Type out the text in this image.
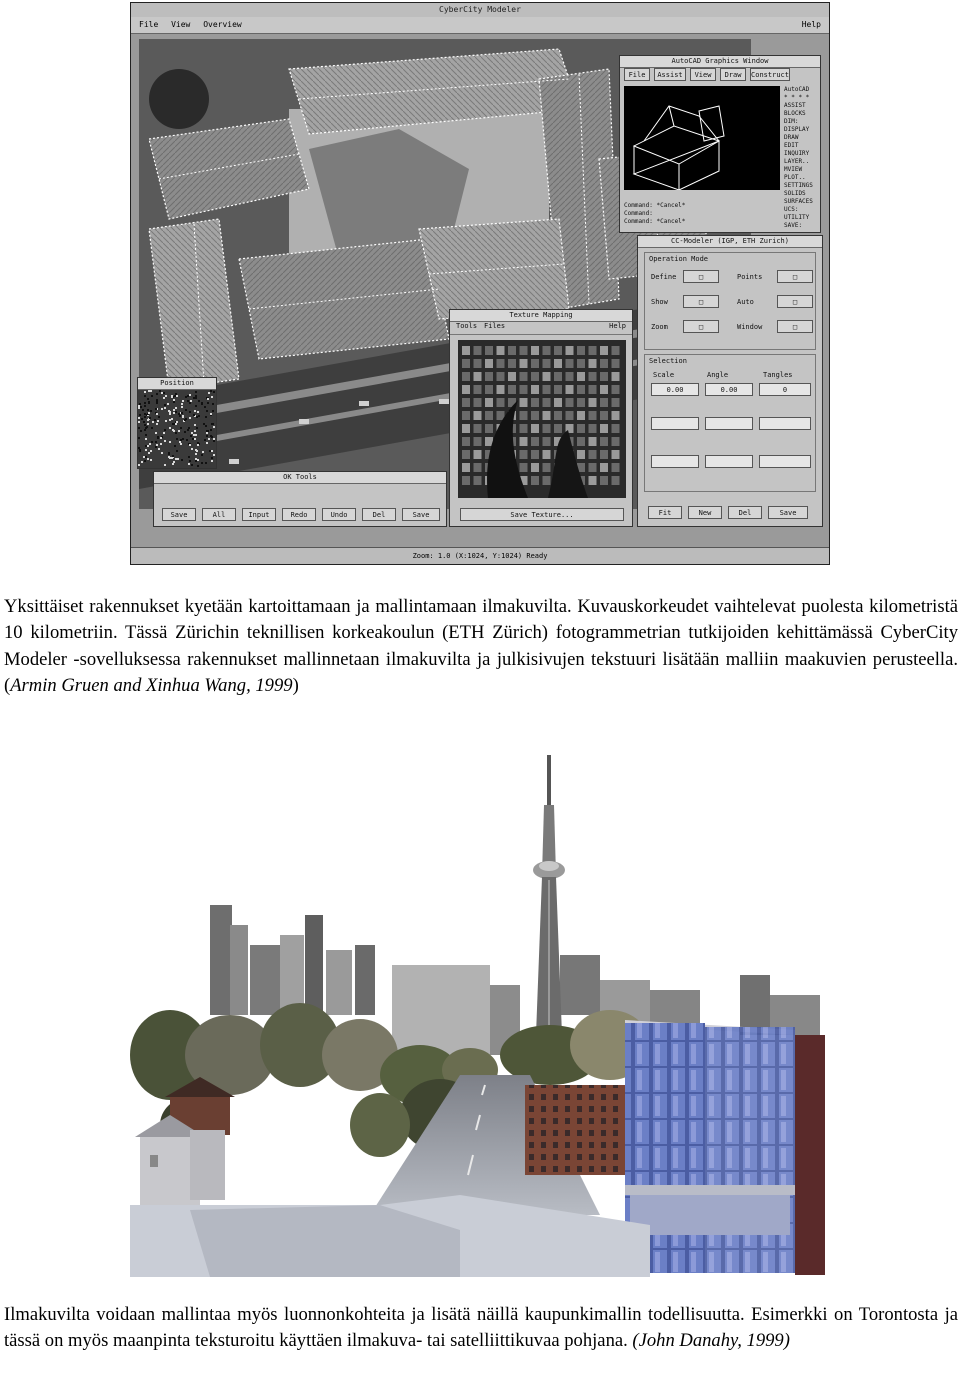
CyberCity Modeler
File View Overview	Help
AutoCAD Graphics Window
File	Assist	View	Draw	Construct
AutoCAD
* * * *
ASSIST
BLOCKS
DIM:
DISPLAY
DRAW
EDIT
INQUIRY
LAYER..
MVIEW
PLOT..
SETTINGS
SOLIDS
SURFACES
UCS:
UTILITY
SAVE:
Command: *Cancel*
Command:
Command: *Cancel*
CC-Modeler (IGP, ETH Zurich)
Operation Mode
Define	□	Points	□
Show	□	Auto	□
Zoom	□	Window	□
Selection
Scale	Angle	Tangles
0.00	0.00	0
Fit	New	Del	Save
Texture Mapping
Tools Files	Help
Save Texture...
Position
OK Tools
Save	All	Input	Redo	Undo	Del	Save
Zoom: 1.0 (X:1024, Y:1024) Ready
Yksittäiset rakennukset kyetään kartoittamaan ja mallintamaan ilmakuvilta. Kuvauskorkeudet vaihtelevat puolesta kilometristä 10 kilometriin. Tässä Zürichin teknillisen korkeakoulun (ETH Zürich) fotogrammetrian tutkijoiden kehittämässä CyberCity Modeler -sovelluksessa rakennukset mallinnetaan ilmakuvilta ja julkisivujen tekstuuri lisätään malliin maakuvien perusteella. (Armin Gruen and Xinhua Wang, 1999)
Ilmakuvilta voidaan mallintaa myös luonnonkohteita ja lisätä näillä kaupunkimallin todellisuutta. Esimerkki on Torontosta ja tässä on myös maanpinta teksturoitu käyttäen ilmakuva- tai satelliittikuvaa pohjana. (John Danahy, 1999)
